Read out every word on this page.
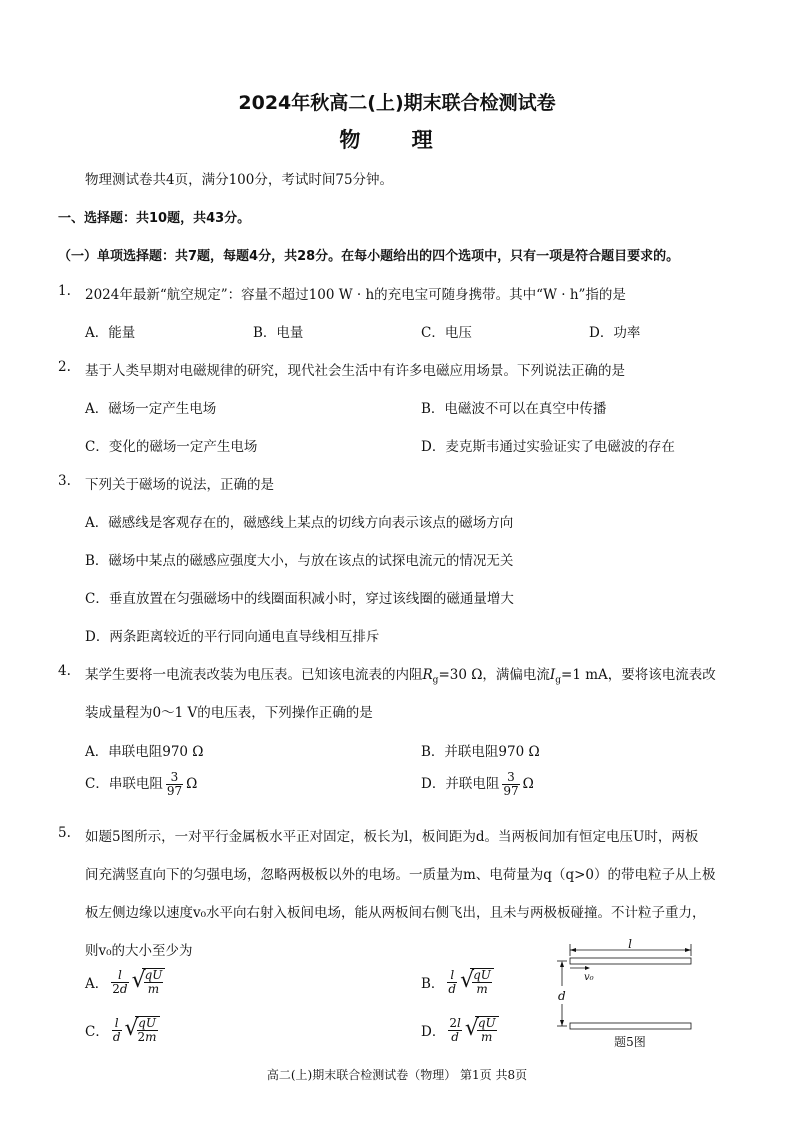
2024年秋高二(上)期末联合检测试卷
物 理
物理测试卷共4页，满分100分，考试时间75分钟。
一、选择题：共10题，共43分。
（一）单项选择题：共7题，每题4分，共28分。在每小题给出的四个选项中，只有一项是符合题目要求的。
1. 2024年最新“航空规定”：容量不超过100 W · h的充电宝可随身携带。其中“W · h”指的是
A．能量	B．电量	C．电压	D．功率
2. 基于人类早期对电磁规律的研究，现代社会生活中有许多电磁应用场景。下列说法正确的是
A．磁场一定产生电场	B．电磁波不可以在真空中传播
C．变化的磁场一定产生电场	D．麦克斯韦通过实验证实了电磁波的存在
3. 下列关于磁场的说法，正确的是
A．磁感线是客观存在的，磁感线上某点的切线方向表示该点的磁场方向
B．磁场中某点的磁感应强度大小，与放在该点的试探电流元的情况无关
C．垂直放置在匀强磁场中的线圈面积减小时，穿过该线圈的磁通量增大
D．两条距离较近的平行同向通电直导线相互排斥
4. 某学生要将一电流表改装为电压表。已知该电流表的内阻$R_g=30$ Ω，满偏电流$I_g=1$ mA，要将该电流表改
装成量程为0～1 V的电压表，下列操作正确的是
A．串联电阻970 Ω	B．并联电阻970 Ω
C．串联电阻 $\frac{3}{97}$ Ω	D．并联电阻 $\frac{3}{97}$ Ω
5. 如题5图所示，一对平行金属板水平正对固定，板长为l，板间距为d。当两板间加有恒定电压U时，两板
间充满竖直向下的匀强电场，忽略两极板以外的电场。一质量为m、电荷量为q（q>0）的带电粒子从上极
板左侧边缘以速度v₀水平向右射入板间电场，能从两板间右侧飞出，且未与两极板碰撞。不计粒子重力，
则v₀的大小至少为
A． $\frac{l}{2d}$ √
$\frac{qU}{m}$	B． $\frac{l}{d}$ √
$\frac{qU}{m}$
C． $\frac{l}{d}$ √
$\frac{qU}{2m}$	D． $\frac{2l}{d}$ √
$\frac{qU}{m}$
l
v₀
d
题5图
高二(上)期末联合检测试卷（物理） 第1页 共8页
